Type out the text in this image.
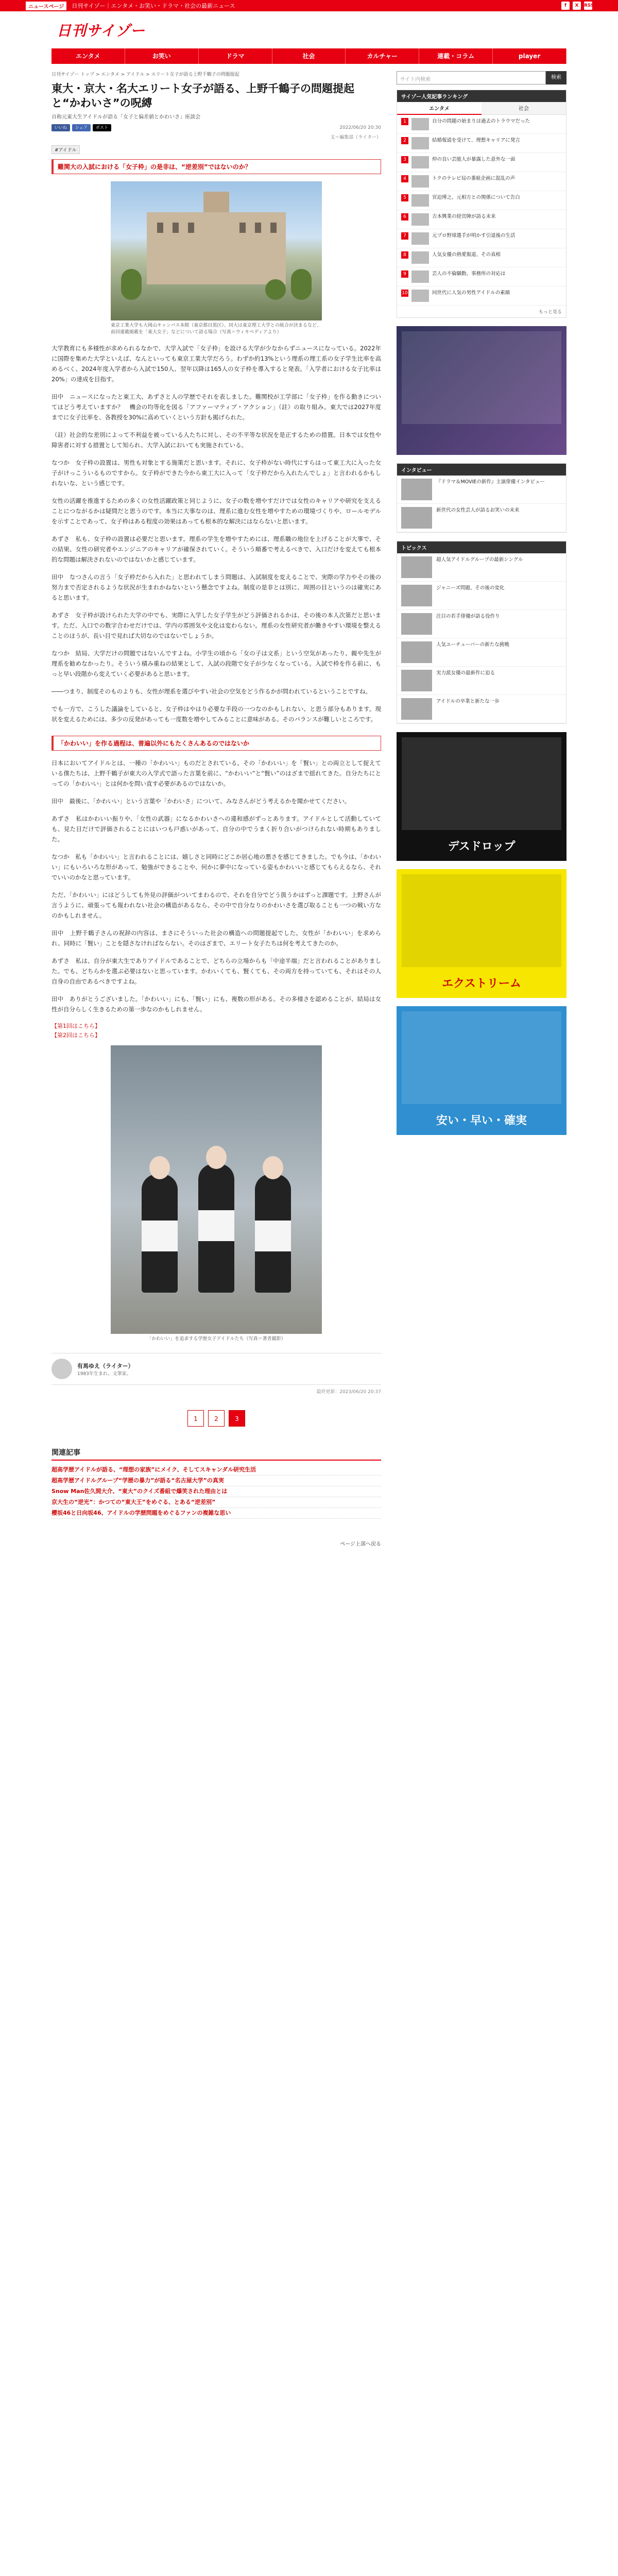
ニュースページ	日刊サイゾー｜エンタメ・お笑い・ドラマ・社会の最新ニュース	f	X	RSS
日刊サイゾー
エンタメ	お笑い	ドラマ	社会	カルチャー	連載・コラム	player
日刊サイゾー トップ > エンタメ > アイドル > エリート女子が語る上野千鶴子の問題提起
東大・京大・名大エリート女子が語る、上野千鶴子の問題提起と“かわいさ”の呪縛
自称元東大生アイドルが語る「女子と偏差値とかわいさ」座談会
いいね	シェア	ポスト	2022/06/20 20:30
文＝編集部（ライター）
#アイドル
難関大の入試における「女子枠」の是非は、“逆差別”ではないのか？
東京工業大学も大岡山キャンパス本館（東京都目黒区）。同大は東京理工大学との統合が決まるなど、前回連載掲載を「東大女子」などについて語る場合（写真＝ウィキペディアより）

大学教育にも多様性が求められるなかで、大学入試で「女子枠」を設ける大学が少なからずニュースになっている。2022年に国際を集めた大学といえば、なんといっても東京工業大学だろう。わずか約13%という理系の理工系の女子学生比率を高めるべく、2024年度入学者から入試で150人、翌年以降は165人の女子枠を導入すると発表。「入学者における女子比率は20%」の達成を目指す。

田中　ニュースになったと東工大、あずさと人の学歴でそれを表しました。難関校が工学部に「女子枠」を作る動きについてはどう考えていますか？　機会の均等化を図る「アファーマティブ・アクション」（註）の取り組み。東大では2027年度までに女子比率を、各教授を30%に高めていくという方針も掲げられた。

（註）社会的な差別によって不利益を被っている人たちに対し、その不平等な状況を是正するための措置。日本では女性や障害者に対する措置として知られ、大学入試においても実施されている。

なつか　女子枠の設置は、男性も対象とする施策だと思います。それに、女子枠がない時代にすらはって東工大に入った女子がけっこういるものですから。女子枠ができた今から東工大に入って「女子枠だから入れたんでしょ」と言われるかもしれないな、という感じです。

女性の活躍を推進するための多くの女性活躍政策と同じように、女子の数を増やすだけでは女性のキャリアや研究を支えることにつながるかは疑問だと思うのです。本当に大事なのは、理系に進む女性を増やすための環境づくりや、ロールモデルを示すことであって、女子枠はある程度の効果はあっても根本的な解決にはならないと思います。

あずさ　私も、女子枠の設置は必要だと思います。理系の学生を増やすためには、理系職の地位を上げることが大事で、その結果、女性の研究者やエンジニアのキャリアが確保されていく。そういう順番で考えるべきで、入口だけを変えても根本的な問題は解決されないのではないかと感じています。

田中　なつさんの言う「女子枠だから入れた」と思われてしまう問題は、入試制度を変えることで、実際の学力やその後の努力まで否定されるような状況が生まれかねないという懸念ですよね。制度の是非とは別に、周囲の目というのは確実にあると思います。

あずさ　女子枠が設けられた大学の中でも、実際に入学した女子学生がどう評価されるかは、その後の本人次第だと思います。ただ、入口での数字合わせだけでは、学内の雰囲気や文化は変わらない。理系の女性研究者が働きやすい環境を整えることのほうが、長い目で見れば大切なのではないでしょうか。

なつか　結局、大学だけの問題ではないんですよね。小学生の頃から「女の子は文系」という空気があったり、親や先生が理系を勧めなかったり。そういう積み重ねの結果として、入試の段階で女子が少なくなっている。入試で枠を作る前に、もっと早い段階から変えていく必要があると思います。

――つまり、制度そのものよりも、女性が理系を選びやすい社会の空気をどう作るかが問われているということですね。

でも一方で、こうした議論をしていると、女子枠はやはり必要な手段の一つなのかもしれない、と思う部分もあります。現状を変えるためには、多少の反発があっても一度数を増やしてみることに意味がある。そのバランスが難しいところです。

「かわいい」を作る過程は、普遍以外にもたくさんあるのではないか

日本においてアイドルとは、一種の「かわいい」ものだとされている。その「かわいい」を「賢い」との両立として捉えている僕たちは、上野千鶴子が東大の入学式で語った言葉を前に、“かわいい”と“賢い”のはざまで揺れてきた。自分たちにとっての「かわいい」とは何かを問い直す必要があるのではないか。

田中　最後に、「かわいい」という言葉や「かわいさ」について、みなさんがどう考えるかを聞かせてください。

あずさ　私はかわいい振りや、「女性の武器」になるかわいさへの違和感がずっとあります。アイドルとして活動していても、見た目だけで評価されることにはいつも戸惑いがあって、自分の中でうまく折り合いがつけられない時期もありました。

なつか　私も「かわいい」と言われることには、嬉しさと同時にどこか居心地の悪さを感じてきました。でも今は、「かわいい」にもいろいろな形があって、勉強ができることや、何かに夢中になっている姿もかわいいと感じてもらえるなら、それでいいのかなと思っています。

ただ、「かわいい」にはどうしても外見の評価がついてまわるので、それを自分でどう扱うかはずっと課題です。上野さんが言うように、頑張っても報われない社会の構造があるなら、その中で自分なりのかわいさを選び取ることも一つの戦い方なのかもしれません。

田中　上野千鶴子さんの祝辞の内容は、まさにそういった社会の構造への問題提起でした。女性が「かわいい」を求められ、同時に「賢い」ことを隠さなければならない。そのはざまで、エリート女子たちは何を考えてきたのか。

あずさ　私は、自分が東大生でありアイドルであることで、どちらの立場からも「中途半端」だと言われることがありました。でも、どちらかを選ぶ必要はないと思っています。かわいくても、賢くても、その両方を持っていても、それはその人自身の自由であるべきですよね。

田中　ありがとうございました。「かわいい」にも、「賢い」にも、複数の形がある。その多様さを認めることが、結局は女性が自分らしく生きるための第一歩なのかもしれません。

【第1回はこちら】
【第2回はこちら】
「かわいい」を追求する学歴女子アイドルたち（写真＝著者撮影）
有馬ゆえ（ライター）
1983年生まれ。文筆家。
最終更新：2023/06/20 20:37
1	2	3
関連記事
超高学歴アイドルが語る、“理想の家族”にメイク、そしてスキャンダル研究生活
超高学歴アイドルグループ“学歴の暴力”が語る“名古屋大学”の真実
Snow Man佐久間大介、“東大”のクイズ番組で爆笑された理由とは
京大生の“逆光”：かつての“東大王”をめぐる、とある“逆差別”
櫻坂46と日向坂46、アイドルの学歴問題をめぐるファンの複雑な思い
ページ上部へ戻る
サイト内検索	検索
サイゾー人気記事ランキング
エンタメ	社会
1	自分の問題の始まりは過去のトラウマだった
2	結婚報道を受けて、理想キャリアに発言
3	仲の良い芸能人が暴露した意外な一面
4	トクのテレビ局の番組企画に混乱の声
5	宮迫博之、元相方との関係について告白
6	吉本興業の経営陣が語る未来
7	元プロ野球選手が明かす引退後の生活
8	人気女優の熱愛報道、その真相
9	芸人の不倫騒動、事務所の対応は
10	同世代に人気の男性アイドルの素顔
もっと見る
インタビュー
『ドラマ＆MOVIEの新作』主演俳優インタビュー
新世代の女性芸人が語るお笑いの未来
トピックス
超人気アイドルグループの最新シングル
ジャニーズ問題、その後の変化
注目の若手俳優が語る役作り
人気ユーチューバーの新たな挑戦
実力派女優の最新作に迫る
アイドルの卒業と新たな一歩
デスドロップ
エクストリーム
安い・早い・確実
